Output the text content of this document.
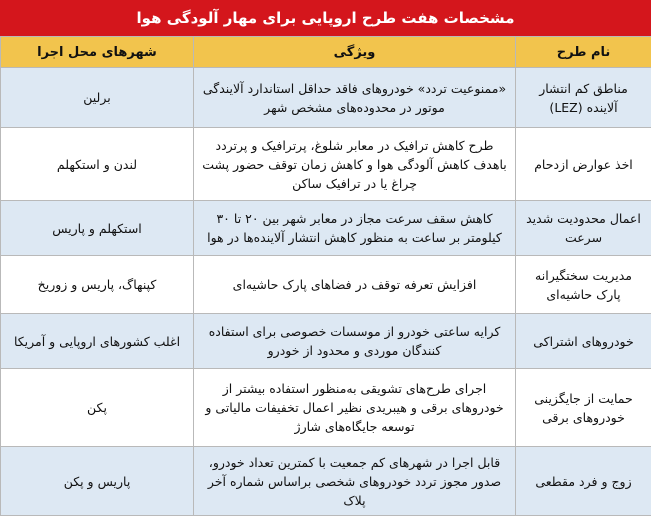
مشخصات هفت طرح اروپایی برای مهار آلودگی هوا
نام طرح	ویژگی	شهرهای محل اجرا
مناطق کم انتشار آلاینده (LEZ)	«ممنوعیت تردد» خودروهای فاقد حداقل استاندارد آلایندگی موتور در محدوده‌های مشخص شهر	برلین
اخذ عوارض ازدحام	طرح کاهش ترافیک در معابر شلوغ، پرترافیک و پرتردد باهدف کاهش آلودگی هوا و کاهش زمان توقف حضور پشت چراغ یا در ترافیک ساکن	لندن و استکهلم
اعمال محدودیت شدید سرعت	کاهش سقف سرعت مجاز در معابر شهر بین ۲۰ تا ۳۰ کیلومتر بر ساعت به منظور کاهش انتشار آلاینده‌ها در هوا	استکهلم و پاریس
مدیریت سختگیرانه پارک حاشیه‌ای	افزایش تعرفه توقف در فضاهای پارک حاشیه‌ای	کپنهاگ، پاریس و زوریخ
خودروهای اشتراکی	کرایه ساعتی خودرو از موسسات خصوصی برای استفاده کنندگان موردی و محدود از خودرو	اغلب کشورهای اروپایی و آمریکا
حمایت از جایگزینی خودروهای برقی	اجرای طرح‌های تشویقی به‌منظور استفاده بیشتر از خودروهای برقی و هیبریدی نظیر اعمال تخفیفات مالیاتی و توسعه جایگاه‌های شارژ	پکن
زوج و فرد مقطعی	قابل اجرا در شهرهای کم جمعیت با کمترین تعداد خودرو، صدور مجوز تردد خودروهای شخصی براساس شماره آخر پلاک	پاریس و پکن
